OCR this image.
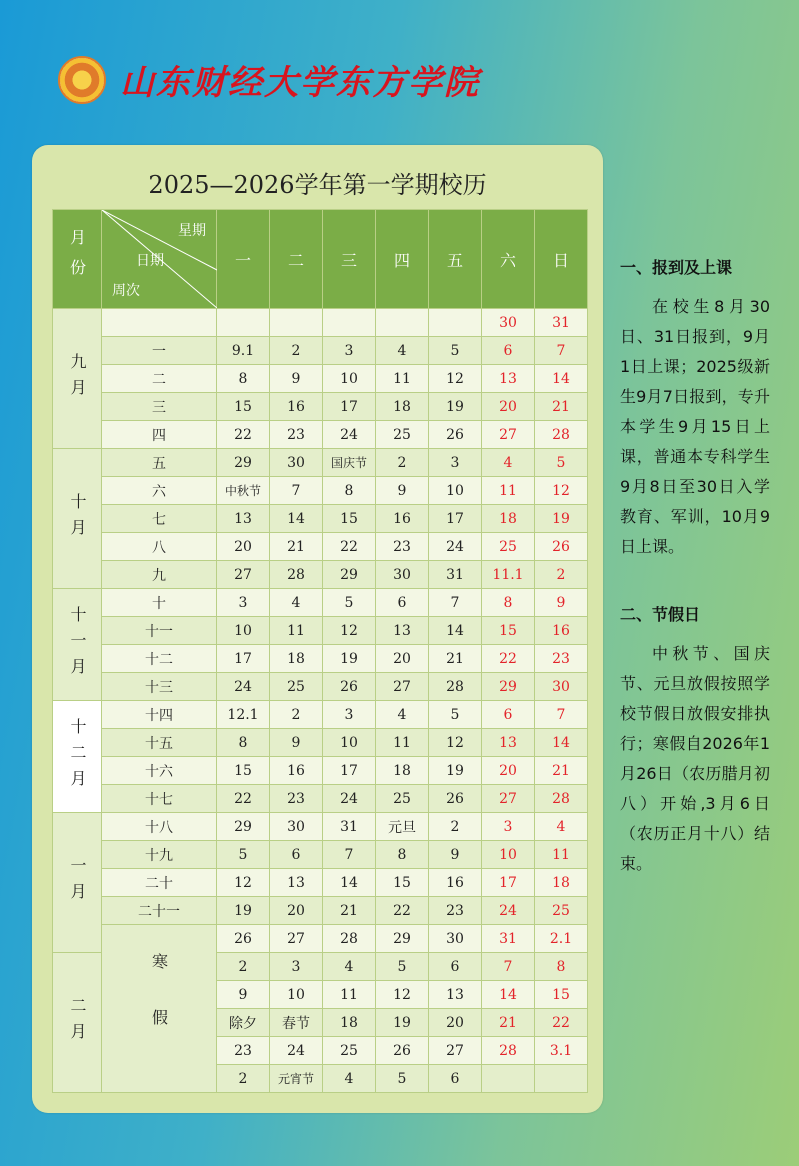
山东财经大学东方学院
2025—2026学年第一学期校历
月份	星期
日期
周次	一	二	三	四	五	六	日
九月							30	31
	一	9.1	2	3	4	5	6	7
	二	8	9	10	11	12	13	14
	三	15	16	17	18	19	20	21
	四	22	23	24	25	26	27	28
十月	五	29	30	国庆节	2	3	4	5
	六	中秋节	7	8	9	10	11	12
	七	13	14	15	16	17	18	19
	八	20	21	22	23	24	25	26
	九	27	28	29	30	31	11.1	2
十一月	十	3	4	5	6	7	8	9
	十一	10	11	12	13	14	15	16
	十二	17	18	19	20	21	22	23
	十三	24	25	26	27	28	29	30
十二月	十四	12.1	2	3	4	5	6	7
	十五	8	9	10	11	12	13	14
	十六	15	16	17	18	19	20	21
	十七	22	23	24	25	26	27	28
一月	十八	29	30	31	元旦	2	3	4
	十九	5	6	7	8	9	10	11
	二十	12	13	14	15	16	17	18
	二十一	19	20	21	22	23	24	25
	寒假	26	27	28	29	30	31	2.1
二月		2	3	4	5	6	7	8
		9	10	11	12	13	14	15
		除夕	春节	18	19	20	21	22
		23	24	25	26	27	28	3.1
		2	元宵节	4	5	6		
一、报到及上课

在校生8月30日、31日报到，9月1日上课；2025级新生9月7日报到，专升本学生9月15日上课，普通本专科学生9月8日至30日入学教育、军训，10月9日上课。

二、节假日

中秋节、国庆节、元旦放假按照学校节假日放假安排执行；寒假自2026年1月26日（农历腊月初八）开始,3月6日（农历正月十八）结束。
